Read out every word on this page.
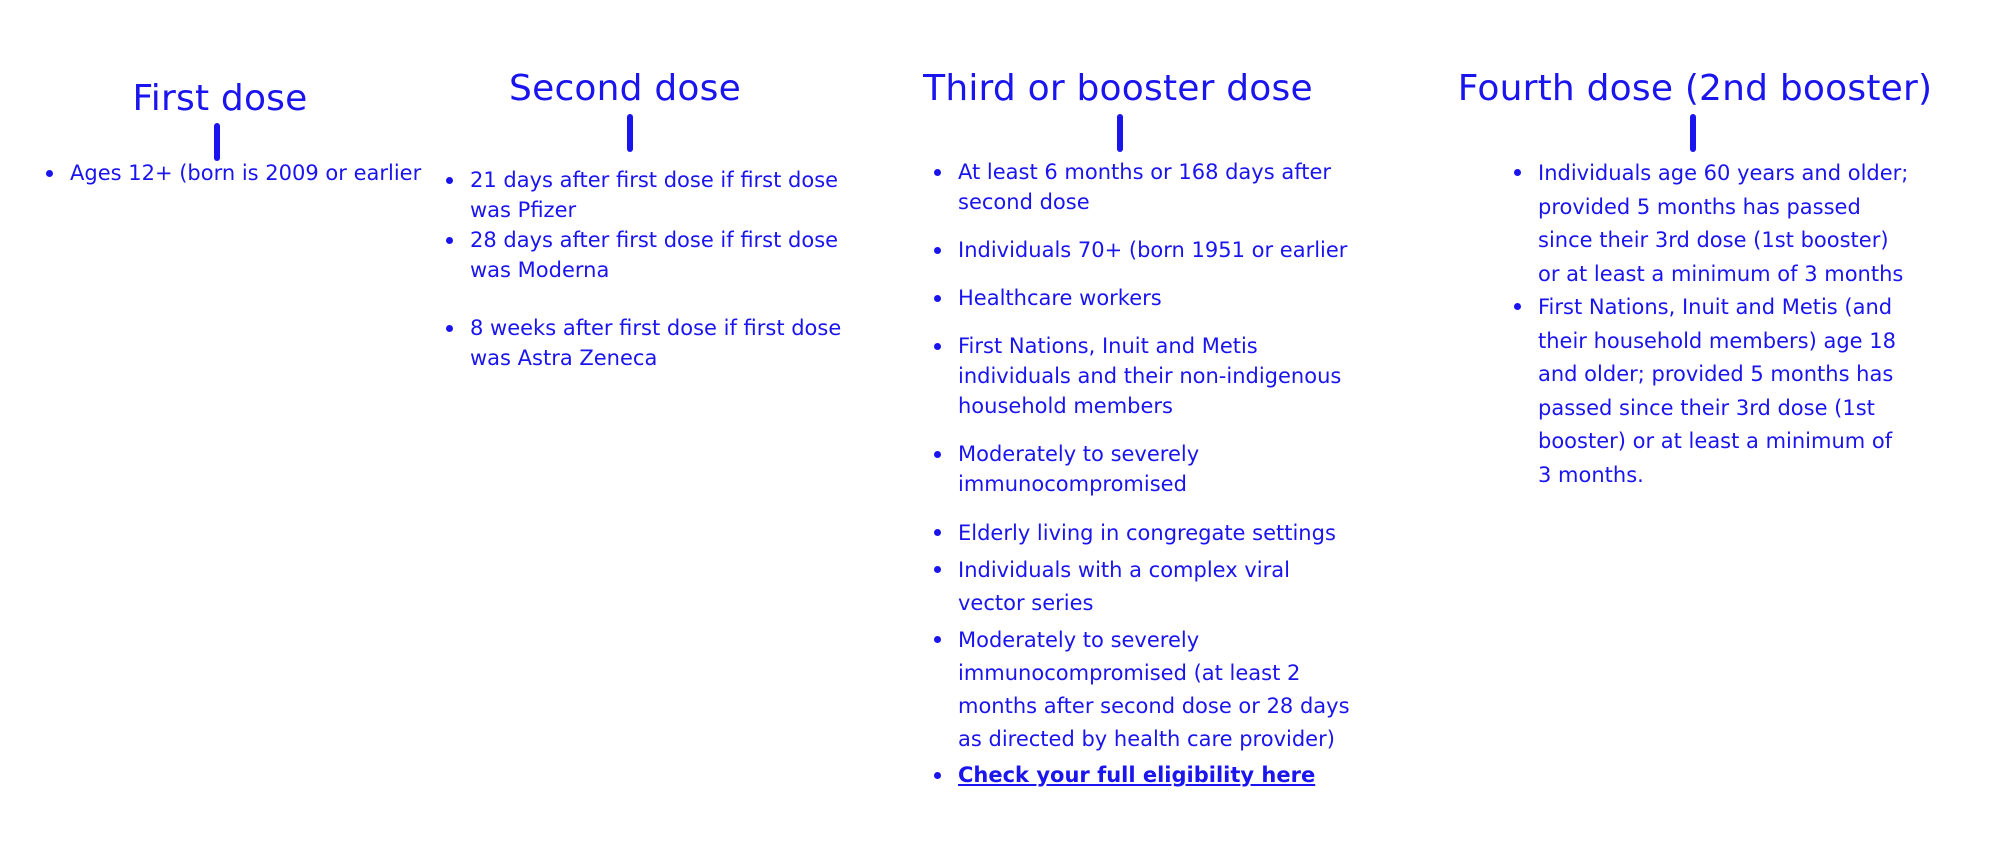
First dose
Ages 12+ (born is 2009 or earlier
Second dose
21 days after first dose if first dose was Pfizer
28 days after first dose if first dose was Moderna
8 weeks after first dose if first dose was Astra Zeneca
Third or booster dose
At least 6 months or 168 days after second dose
Individuals 70+ (born 1951 or earlier
Healthcare workers
First Nations, Inuit and Metis individuals and their non-indigenous household members
Moderately to severely immunocompromised
Elderly living in congregate settings
Individuals with a complex viral vector series
Moderately to severely immunocompromised (at least 2 months after second dose or 28 days as directed by health care provider)
Check your full eligibility here
Fourth dose (2nd booster)
Individuals age 60 years and older; provided 5 months has passed since their 3rd dose (1st booster) or at least a minimum of 3 months
First Nations, Inuit and Metis (and their household members) age 18 and older; provided 5 months has passed since their 3rd dose (1st booster) or at least a minimum of 3 months.
